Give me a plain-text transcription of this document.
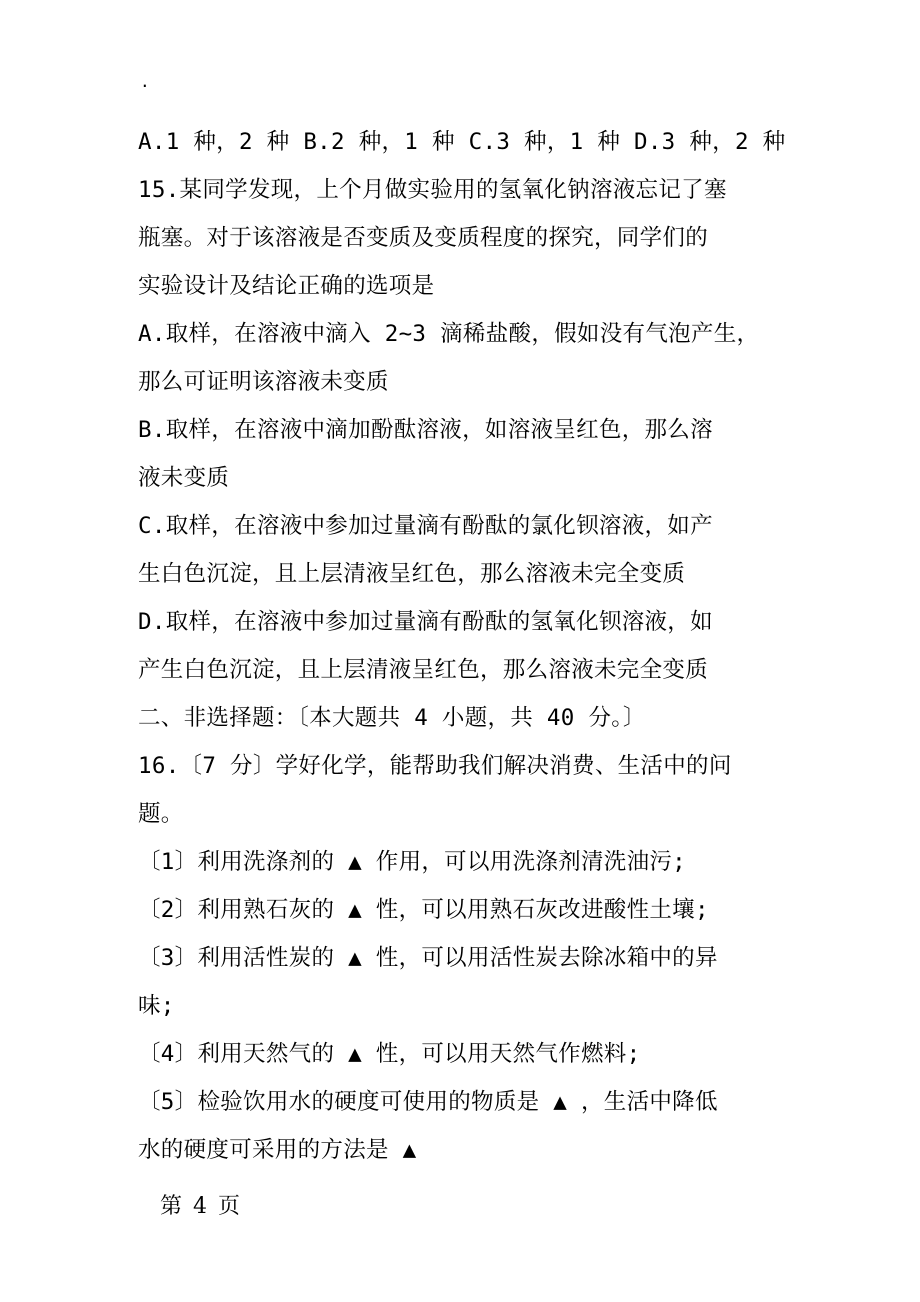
.
A.1 种，2 种 B.2 种，1 种 C.3 种，1 种 D.3 种，2 种
15.某同学发现，上个月做实验用的氢氧化钠溶液忘记了塞
瓶塞。对于该溶液是否变质及变质程度的探究，同学们的
实验设计及结论正确的选项是
A.取样，在溶液中滴入 2~3 滴稀盐酸，假如没有气泡产生，
那么可证明该溶液未变质
B.取样，在溶液中滴加酚酞溶液，如溶液呈红色，那么溶
液未变质
C.取样，在溶液中参加过量滴有酚酞的氯化钡溶液，如产
生白色沉淀，且上层清液呈红色，那么溶液未完全变质
D.取样，在溶液中参加过量滴有酚酞的氢氧化钡溶液，如
产生白色沉淀，且上层清液呈红色，那么溶液未完全变质
二、非选择题：〔本大题共 4 小题，共 40 分。〕
16.〔7 分〕学好化学，能帮助我们解决消费、生活中的问
题。
〔1〕利用洗涤剂的 ▲ 作用，可以用洗涤剂清洗油污;
〔2〕利用熟石灰的 ▲ 性，可以用熟石灰改进酸性土壤;
〔3〕利用活性炭的 ▲ 性，可以用活性炭去除冰箱中的异
味;
〔4〕利用天然气的 ▲ 性，可以用天然气作燃料;
〔5〕检验饮用水的硬度可使用的物质是 ▲ ，生活中降低
水的硬度可采用的方法是 ▲
第 4 页
